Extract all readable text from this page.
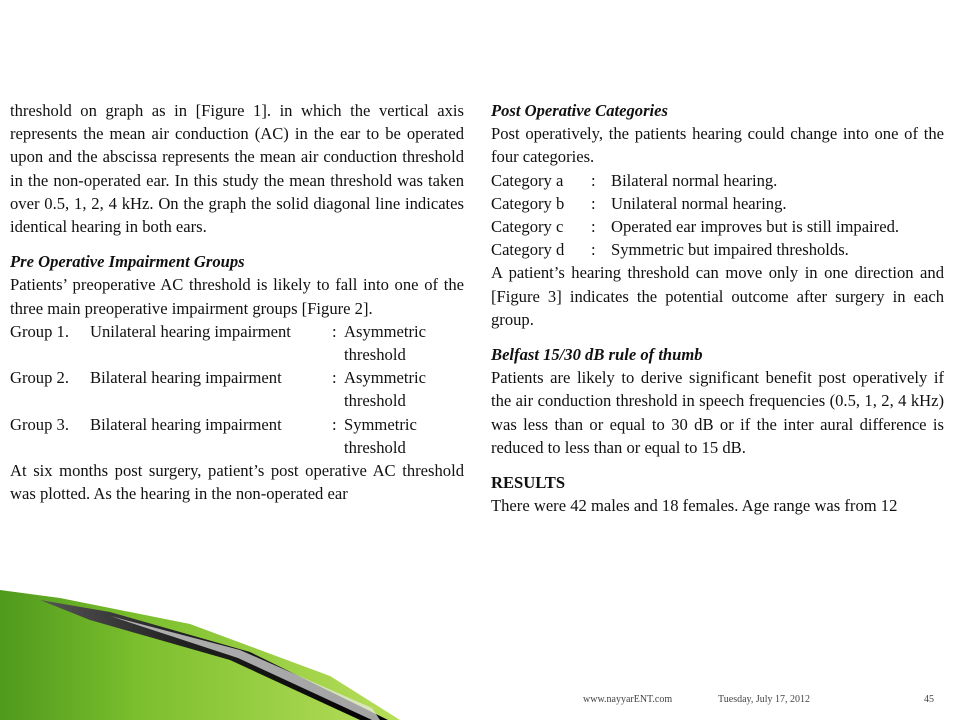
threshold on graph as in [Figure 1]. in which the vertical axis represents the mean air conduction (AC) in the ear to be operated upon and the abscissa represents the mean air conduction threshold in the non-operated ear. In this study the mean threshold was taken over 0.5, 1, 2, 4 kHz. On the graph the solid diagonal line indicates identical hearing in both ears.

Pre Operative Impairment Groups

Patients’ preoperative AC threshold is likely to fall into one of the three main preoperative impairment groups [Figure 2].

Group 1. Unilateral hearing impairment : Asymmetric
threshold
Group 2. Bilateral hearing impairment	: Asymmetric
threshold
Group 3. Bilateral hearing impairment	: Symmetric
threshold

At six months post surgery, patient’s post operative AC threshold was plotted. As the hearing in the non-operated ear

Post Operative Categories

Post operatively, the patients hearing could change into one of the four categories.

Category a : Bilateral normal hearing.
Category b : Unilateral normal hearing.
Category c : Operated ear improves but is still impaired.
Category d : Symmetric but impaired thresholds.

A patient’s hearing threshold can move only in one direction and [Figure 3] indicates the potential outcome after surgery in each group.

Belfast 15/30 dB rule of thumb

Patients are likely to derive significant benefit post operatively if the air conduction threshold in speech frequencies (0.5, 1, 2, 4 kHz) was less than or equal to 30 dB or if the inter aural difference is reduced to less than or equal to 15 dB.

RESULTS

There were 42 males and 18 females. Age range was from 12

www.nayyarENT.com	Tuesday, July 17, 2012	45
